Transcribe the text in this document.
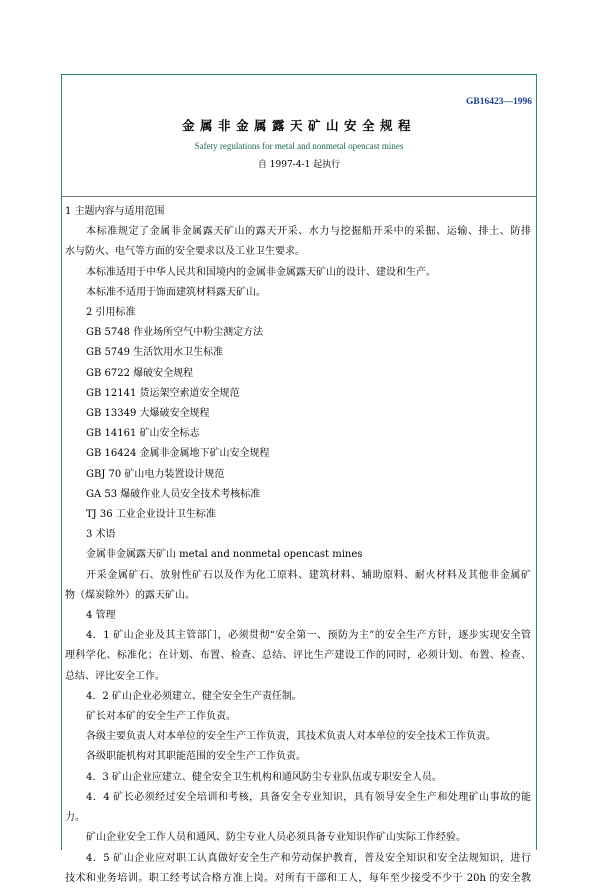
GB16423—1996
金属非金属露天矿山安全规程
Safety regulations for metal and nonmetal opencast mines
自 1997-4-1 起执行
1 主题内容与适用范围
本标准规定了金属非金属露天矿山的露天开采、水力与挖掘船开采中的采掘、运输、排土、防排
水与防火、电气等方面的安全要求以及工业卫生要求。
本标准适用于中华人民共和国境内的金属非金属露天矿山的设计、建设和生产。
本标准不适用于饰面建筑材料露天矿山。
2 引用标准
GB 5748 作业场所空气中粉尘测定方法
GB 5749 生活饮用水卫生标准
GB 6722 爆破安全规程
GB 12141 货运架空索道安全规范
GB 13349 大爆破安全规程
GB 14161 矿山安全标志
GB 16424 金属非金属地下矿山安全规程
GBJ 70 矿山电力装置设计规范
GA 53 爆破作业人员安全技术考核标准
TJ 36 工业企业设计卫生标准
3 术语
金属非金属露天矿山 metal and nonmetal opencast mines
开采金属矿石、放射性矿石以及作为化工原料、建筑材料、辅助原料、耐火材料及其他非金属矿
物（煤炭除外）的露天矿山。
4 管理
4．1 矿山企业及其主管部门，必须贯彻“安全第一、预防为主”的安全生产方针，逐步实现安全管
理科学化、标准化；在计划、布置、检查、总结、评比生产建设工作的同时，必须计划、布置、检查、
总结、评比安全工作。
4．2 矿山企业必须建立、健全安全生产责任制。
矿长对本矿的安全生产工作负责。
各级主要负责人对本单位的安全生产工作负责，其技术负责人对本单位的安全技术工作负责。
各级职能机构对其职能范围的安全生产工作负责。
4．3 矿山企业应建立、健全安全卫生机构和通风防尘专业队伍或专职安全人员。
4．4 矿长必须经过安全培训和考核，具备安全专业知识，具有领导安全生产和处理矿山事故的能
力。
矿山企业安全工作人员和通风、防尘专业人员必须具备专业知识作矿山实际工作经验。
4．5 矿山企业应对职工认真做好安全生产和劳动保护教育，普及安全知识和安全法规知识，进行
技术和业务培训。职工经考试合格方准上岗。对所有干部和工人，每年至少接受不少于 20h 的安全教
